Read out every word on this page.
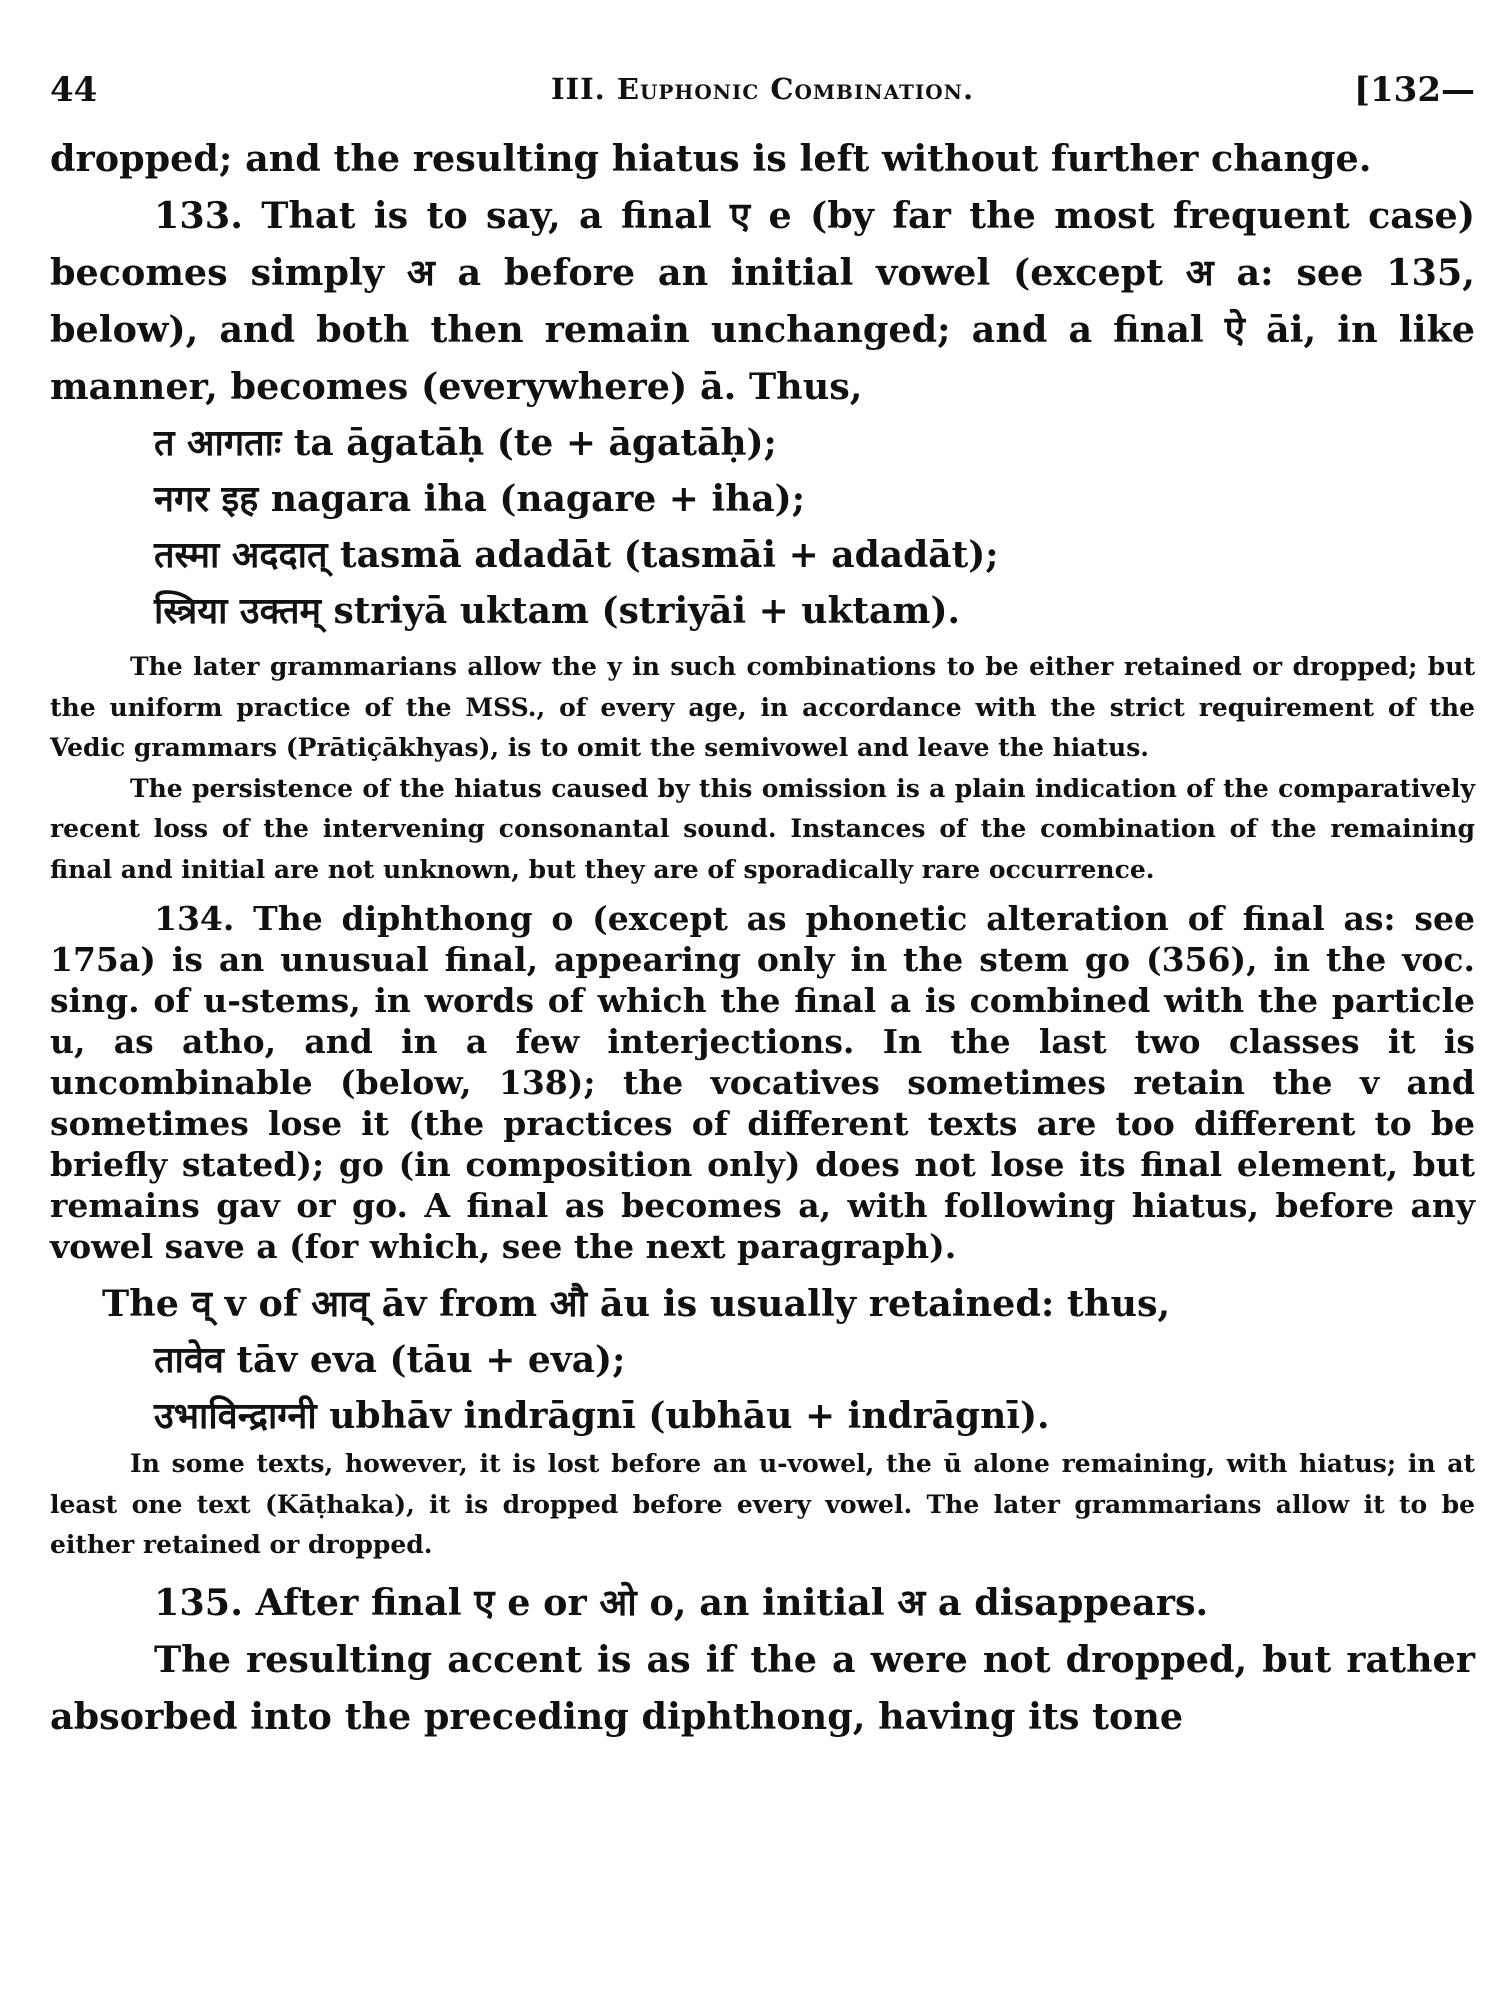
44	III. Euphonic Combination.	[132—

dropped; and the resulting hiatus is left without further change.

133. That is to say, a final ए e (by far the most frequent case) becomes simply अ a before an initial vowel (except अ a: see 135, below), and both then remain unchanged; and a final ऐ āi, in like manner, becomes (everywhere) ā. Thus,

त आगताः ta āgatāḥ (te + āgatāḥ);

नगर इह nagara iha (nagare + iha);

तस्मा अददात् tasmā adadāt (tasmāi + adadāt);

स्त्रिया उक्तम् striyā uktam (striyāi + uktam).

The later grammarians allow the y in such combinations to be either retained or dropped; but the uniform practice of the MSS., of every age, in accordance with the strict requirement of the Vedic grammars (Prātiçākhyas), is to omit the semivowel and leave the hiatus.

The persistence of the hiatus caused by this omission is a plain indication of the comparatively recent loss of the intervening consonantal sound. Instances of the combination of the remaining final and initial are not unknown, but they are of sporadically rare occurrence.

134. The diphthong o (except as phonetic alteration of final as: see 175a) is an unusual final, appearing only in the stem go (356), in the voc. sing. of u-stems, in words of which the final a is combined with the particle u, as atho, and in a few interjections. In the last two classes it is uncombinable (below, 138); the vocatives sometimes retain the v and sometimes lose it (the practices of different texts are too different to be briefly stated); go (in composition only) does not lose its final element, but remains gav or go. A final as becomes a, with following hiatus, before any vowel save a (for which, see the next paragraph).

The व् v of आव् āv from औ āu is usually retained: thus,

तावेव tāv eva (tāu + eva);

उभाविन्द्राग्नी ubhāv indrāgnī (ubhāu + indrāgnī).

In some texts, however, it is lost before an u-vowel, the ū alone remaining, with hiatus; in at least one text (Kāṭhaka), it is dropped before every vowel. The later grammarians allow it to be either retained or dropped.

135. After final ए e or ओ o, an initial अ a disappears.

The resulting accent is as if the a were not dropped, but rather absorbed into the preceding diphthong, having its tone
